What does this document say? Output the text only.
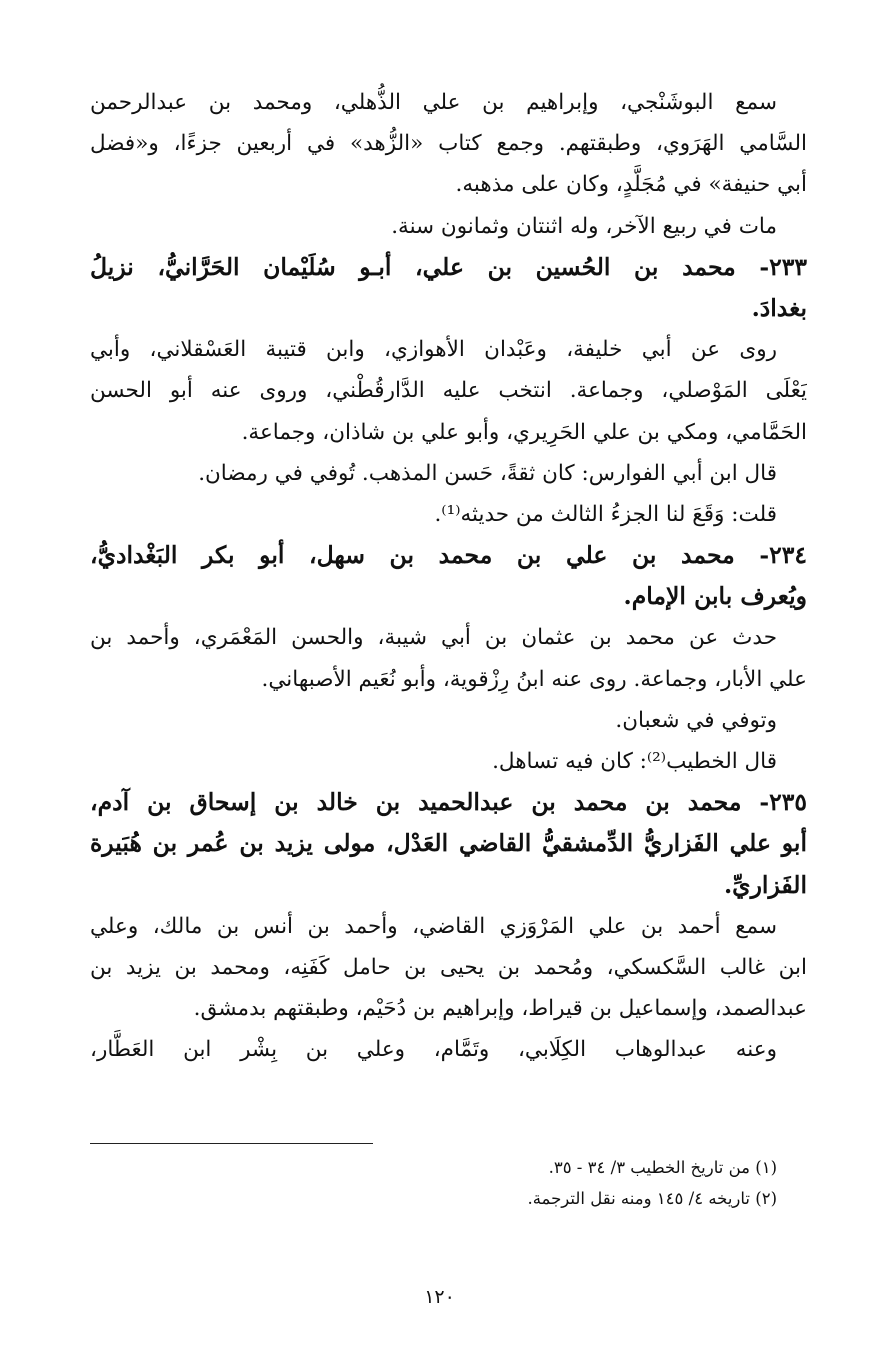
سمع البوشَنْجي، وإبراهيم بن علي الذُّهلي، ومحمد بن عبدالرحمن
السَّامي الهَرَوي، وطبقتهم. وجمع كتاب «الزُّهد» في أربعين جزءًا، و«فضل
أبي حنيفة» في مُجَلَّدٍ، وكان على مذهبه.
مات في ربيع الآخر، وله اثنتان وثمانون سنة.
٢٣٣- محمد بن الحُسين بن علي، أبـو سُلَيْمان الحَرَّانيُّ، نزيلُ
بغدادَ.
روى عن أبي خليفة، وعَبْدان الأهوازي، وابن قتيبة العَسْقلاني، وأبي
يَعْلَى المَوْصلي، وجماعة. انتخب عليه الدَّارقُطْني، وروى عنه أبو الحسن
الحَمَّامي، ومكي بن علي الحَرِيري، وأبو علي بن شاذان، وجماعة.
قال ابن أبي الفوارس: كان ثقةً، حَسن المذهب. تُوفي في رمضان.
قلت: وَقَعَ لنا الجزءُ الثالث من حديثه⁽¹⁾.
٢٣٤- محمد بن علي بن محمد بن سهل، أبو بكر البَغْداديُّ،
ويُعرف بابن الإمام.
حدث عن محمد بن عثمان بن أبي شيبة، والحسن المَعْمَري، وأحمد بن
علي الأبار، وجماعة. روى عنه ابنُ رِزْقوية، وأبو نُعَيم الأصبهاني.
وتوفي في شعبان.
قال الخطيب⁽²⁾: كان فيه تساهل.
٢٣٥- محمد بن محمد بن عبدالحميد بن خالد بن إسحاق بن آدم،
أبو علي الفَزاريُّ الدِّمشقيُّ القاضي العَدْل، مولى يزيد بن عُمر بن هُبَيرة
الفَزاريِّ.
سمع أحمد بن علي المَرْوَزي القاضي، وأحمد بن أنس بن مالك، وعلي
ابن غالب السَّكسكي، ومُحمد بن يحيى بن حامل كَفَنِه، ومحمد بن يزيد بن
عبدالصمد، وإسماعيل بن قيراط، وإبراهيم بن دُحَيْم، وطبقتهم بدمشق.
وعنه عبدالوهاب الكِلَابي، وتَمَّام، وعلي بن بِشْر ابن العَطَّار،
(١) من تاريخ الخطيب ٣/ ٣٤ - ٣٥.
(٢) تاريخه ٤/ ١٤٥ ومنه نقل الترجمة.
١٢٠
